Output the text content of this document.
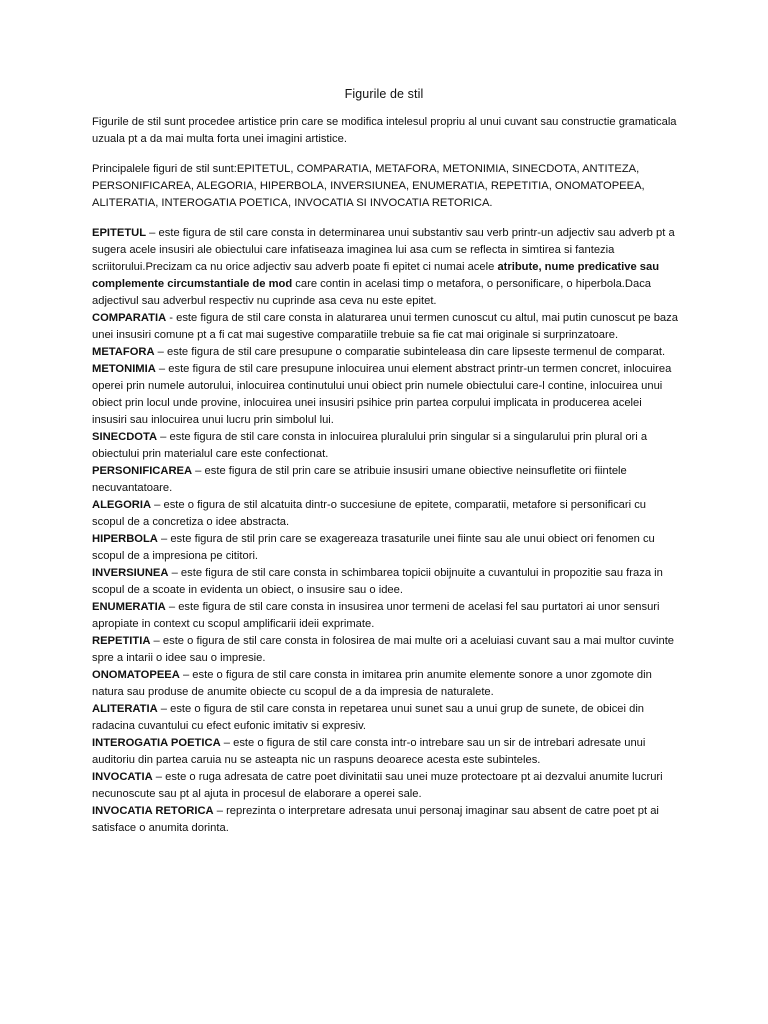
Figurile de stil

Figurile de stil sunt procedee artistice prin care se modifica intelesul propriu al unui cuvant sau constructie gramaticala uzuala pt a da mai multa forta unei imagini artistice.

Principalele figuri de stil sunt:EPITETUL, COMPARATIA, METAFORA, METONIMIA, SINECDOTA, ANTITEZA, PERSONIFICAREA, ALEGORIA, HIPERBOLA, INVERSIUNEA, ENUMERATIA, REPETITIA, ONOMATOPEEA, ALITERATIA, INTEROGATIA POETICA, INVOCATIA SI INVOCATIA RETORICA.

EPITETUL – este figura de stil care consta in determinarea unui substantiv sau verb printr-un adjectiv sau adverb pt a sugera acele insusiri ale obiectului care infatiseaza imaginea lui asa cum se reflecta in simtirea si fantezia scriitorului.Precizam ca nu orice adjectiv sau adverb poate fi epitet ci numai acele atribute, nume predicative sau complemente circumstantiale de mod care contin in acelasi timp o metafora, o personificare, o hiperbola.Daca adjectivul sau adverbul respectiv nu cuprinde asa ceva nu este epitet.

COMPARATIA - este figura de stil care consta in alaturarea unui termen cunoscut cu altul, mai putin cunoscut pe baza unei insusiri comune pt a fi cat mai sugestive comparatiile trebuie sa fie cat mai originale si surprinzatoare.

METAFORA – este figura de stil care presupune o comparatie subinteleasa din care lipseste termenul de comparat.

METONIMIA – este figura de stil care presupune inlocuirea unui element abstract printr-un termen concret, inlocuirea operei prin numele autorului, inlocuirea continutului unui obiect prin numele obiectului care-l contine, inlocuirea unui obiect prin locul unde provine, inlocuirea unei insusiri psihice prin partea corpului implicata in producerea acelei insusiri sau inlocuirea unui lucru prin simbolul lui.

SINECDOTA – este figura de stil care consta in inlocuirea pluralului prin singular si a singularului prin plural ori a obiectului prin materialul care este confectionat.

PERSONIFICAREA – este figura de stil prin care se atribuie insusiri umane obiective neinsufletite ori fiintele necuvantatoare.

ALEGORIA – este o figura de stil alcatuita dintr-o succesiune de epitete, comparatii, metafore si personificari cu scopul de a concretiza o idee abstracta.

HIPERBOLA – este figura de stil prin care se exagereaza trasaturile unei fiinte sau ale unui obiect ori fenomen cu scopul de a impresiona pe cititori.

INVERSIUNEA – este figura de stil care consta in schimbarea topicii obijnuite a cuvantului in propozitie sau fraza in scopul de a scoate in evidenta un obiect, o insusire sau o idee.

ENUMERATIA – este figura de stil care consta in insusirea unor termeni de acelasi fel sau purtatori ai unor sensuri apropiate in context cu scopul amplificarii ideii exprimate.

REPETITIA – este o figura de stil care consta in folosirea de mai multe ori a aceluiasi cuvant sau a mai multor cuvinte spre a intarii o idee sau o impresie.

ONOMATOPEEA – este o figura de stil care consta in imitarea prin anumite elemente sonore a unor zgomote din natura sau produse de anumite obiecte cu scopul de a da impresia de naturalete.

ALITERATIA – este o figura de stil care consta in repetarea unui sunet sau a unui grup de sunete, de obicei din radacina cuvantului cu efect eufonic imitativ si expresiv.

INTEROGATIA POETICA – este o figura de stil care consta intr-o intrebare sau un sir de intrebari adresate unui auditoriu din partea caruia nu se asteapta nic un raspuns deoarece acesta este subinteles.

INVOCATIA – este o ruga adresata de catre poet divinitatii sau unei muze protectoare pt ai dezvalui anumite lucruri necunoscute sau pt al ajuta in procesul de elaborare a operei sale.

INVOCATIA RETORICA – reprezinta o interpretare adresata unui personaj imaginar sau absent de catre poet pt ai satisface o anumita dorinta.
